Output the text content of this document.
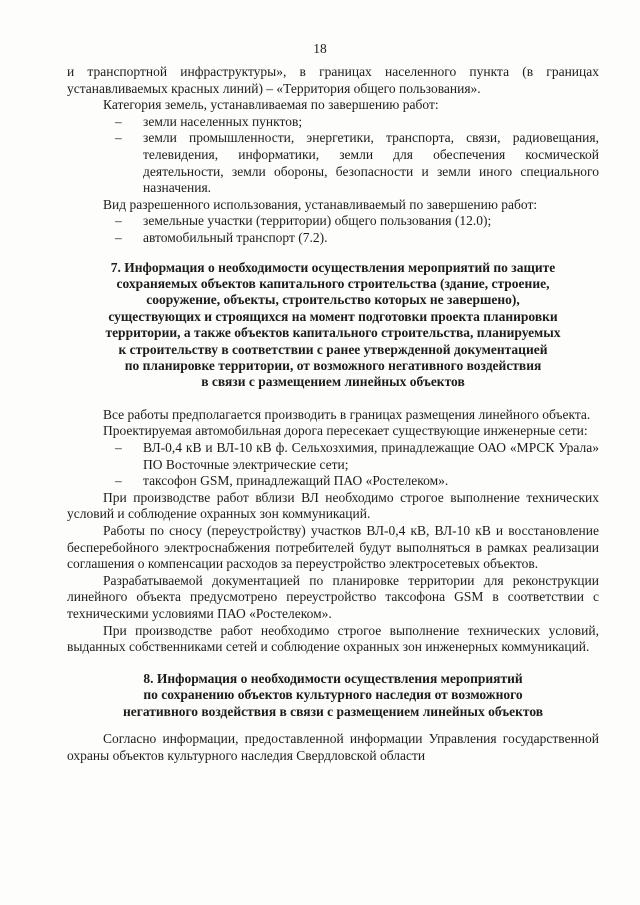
18

и транспортной инфраструктуры», в границах населенного пункта (в границах устанавливаемых красных линий) – «Территория общего пользования».

Категория земель, устанавливаемая по завершению работ:

– земли населенных пунктов;
– земли промышленности, энергетики, транспорта, связи, радиовещания, телевидения, информатики, земли для обеспечения космической деятельности, земли обороны, безопасности и земли иного специального назначения.

Вид разрешенного использования, устанавливаемый по завершению работ:

– земельные участки (территории) общего пользования (12.0);
– автомобильный транспорт (7.2).
7. Информация о необходимости осуществления мероприятий по защите
сохраняемых объектов капитального строительства (здание, строение,
сооружение, объекты, строительство которых не завершено),
существующих и строящихся на момент подготовки проекта планировки
территории, а также объектов капитального строительства, планируемых
к строительству в соответствии с ранее утвержденной документацией
по планировке территории, от возможного негативного воздействия
в связи с размещением линейных объектов

Все работы предполагается производить в границах размещения линейного объекта.

Проектируемая автомобильная дорога пересекает существующие инженерные сети:

– ВЛ-0,4 кВ и ВЛ-10 кВ ф. Сельхозхимия, принадлежащие ОАО «МРСК Урала» ПО Восточные электрические сети;
– таксофон GSM, принадлежащий ПАО «Ростелеком».

При производстве работ вблизи ВЛ необходимо строгое выполнение технических условий и соблюдение охранных зон коммуникаций.

Работы по сносу (переустройству) участков ВЛ-0,4 кВ, ВЛ-10 кВ и восстановление бесперебойного электроснабжения потребителей будут выполняться в рамках реализации соглашения о компенсации расходов за переустройство электросетевых объектов.

Разрабатываемой документацией по планировке территории для реконструкции линейного объекта предусмотрено переустройство таксофона GSM в соответствии с техническими условиями ПАО «Ростелеком».

При производстве работ необходимо строгое выполнение технических условий, выданных собственниками сетей и соблюдение охранных зон инженерных коммуникаций.

8. Информация о необходимости осуществления мероприятий
по сохранению объектов культурного наследия от возможного
негативного воздействия в связи с размещением линейных объектов

Согласно информации, предоставленной информации Управления государственной охраны объектов культурного наследия Свердловской области
